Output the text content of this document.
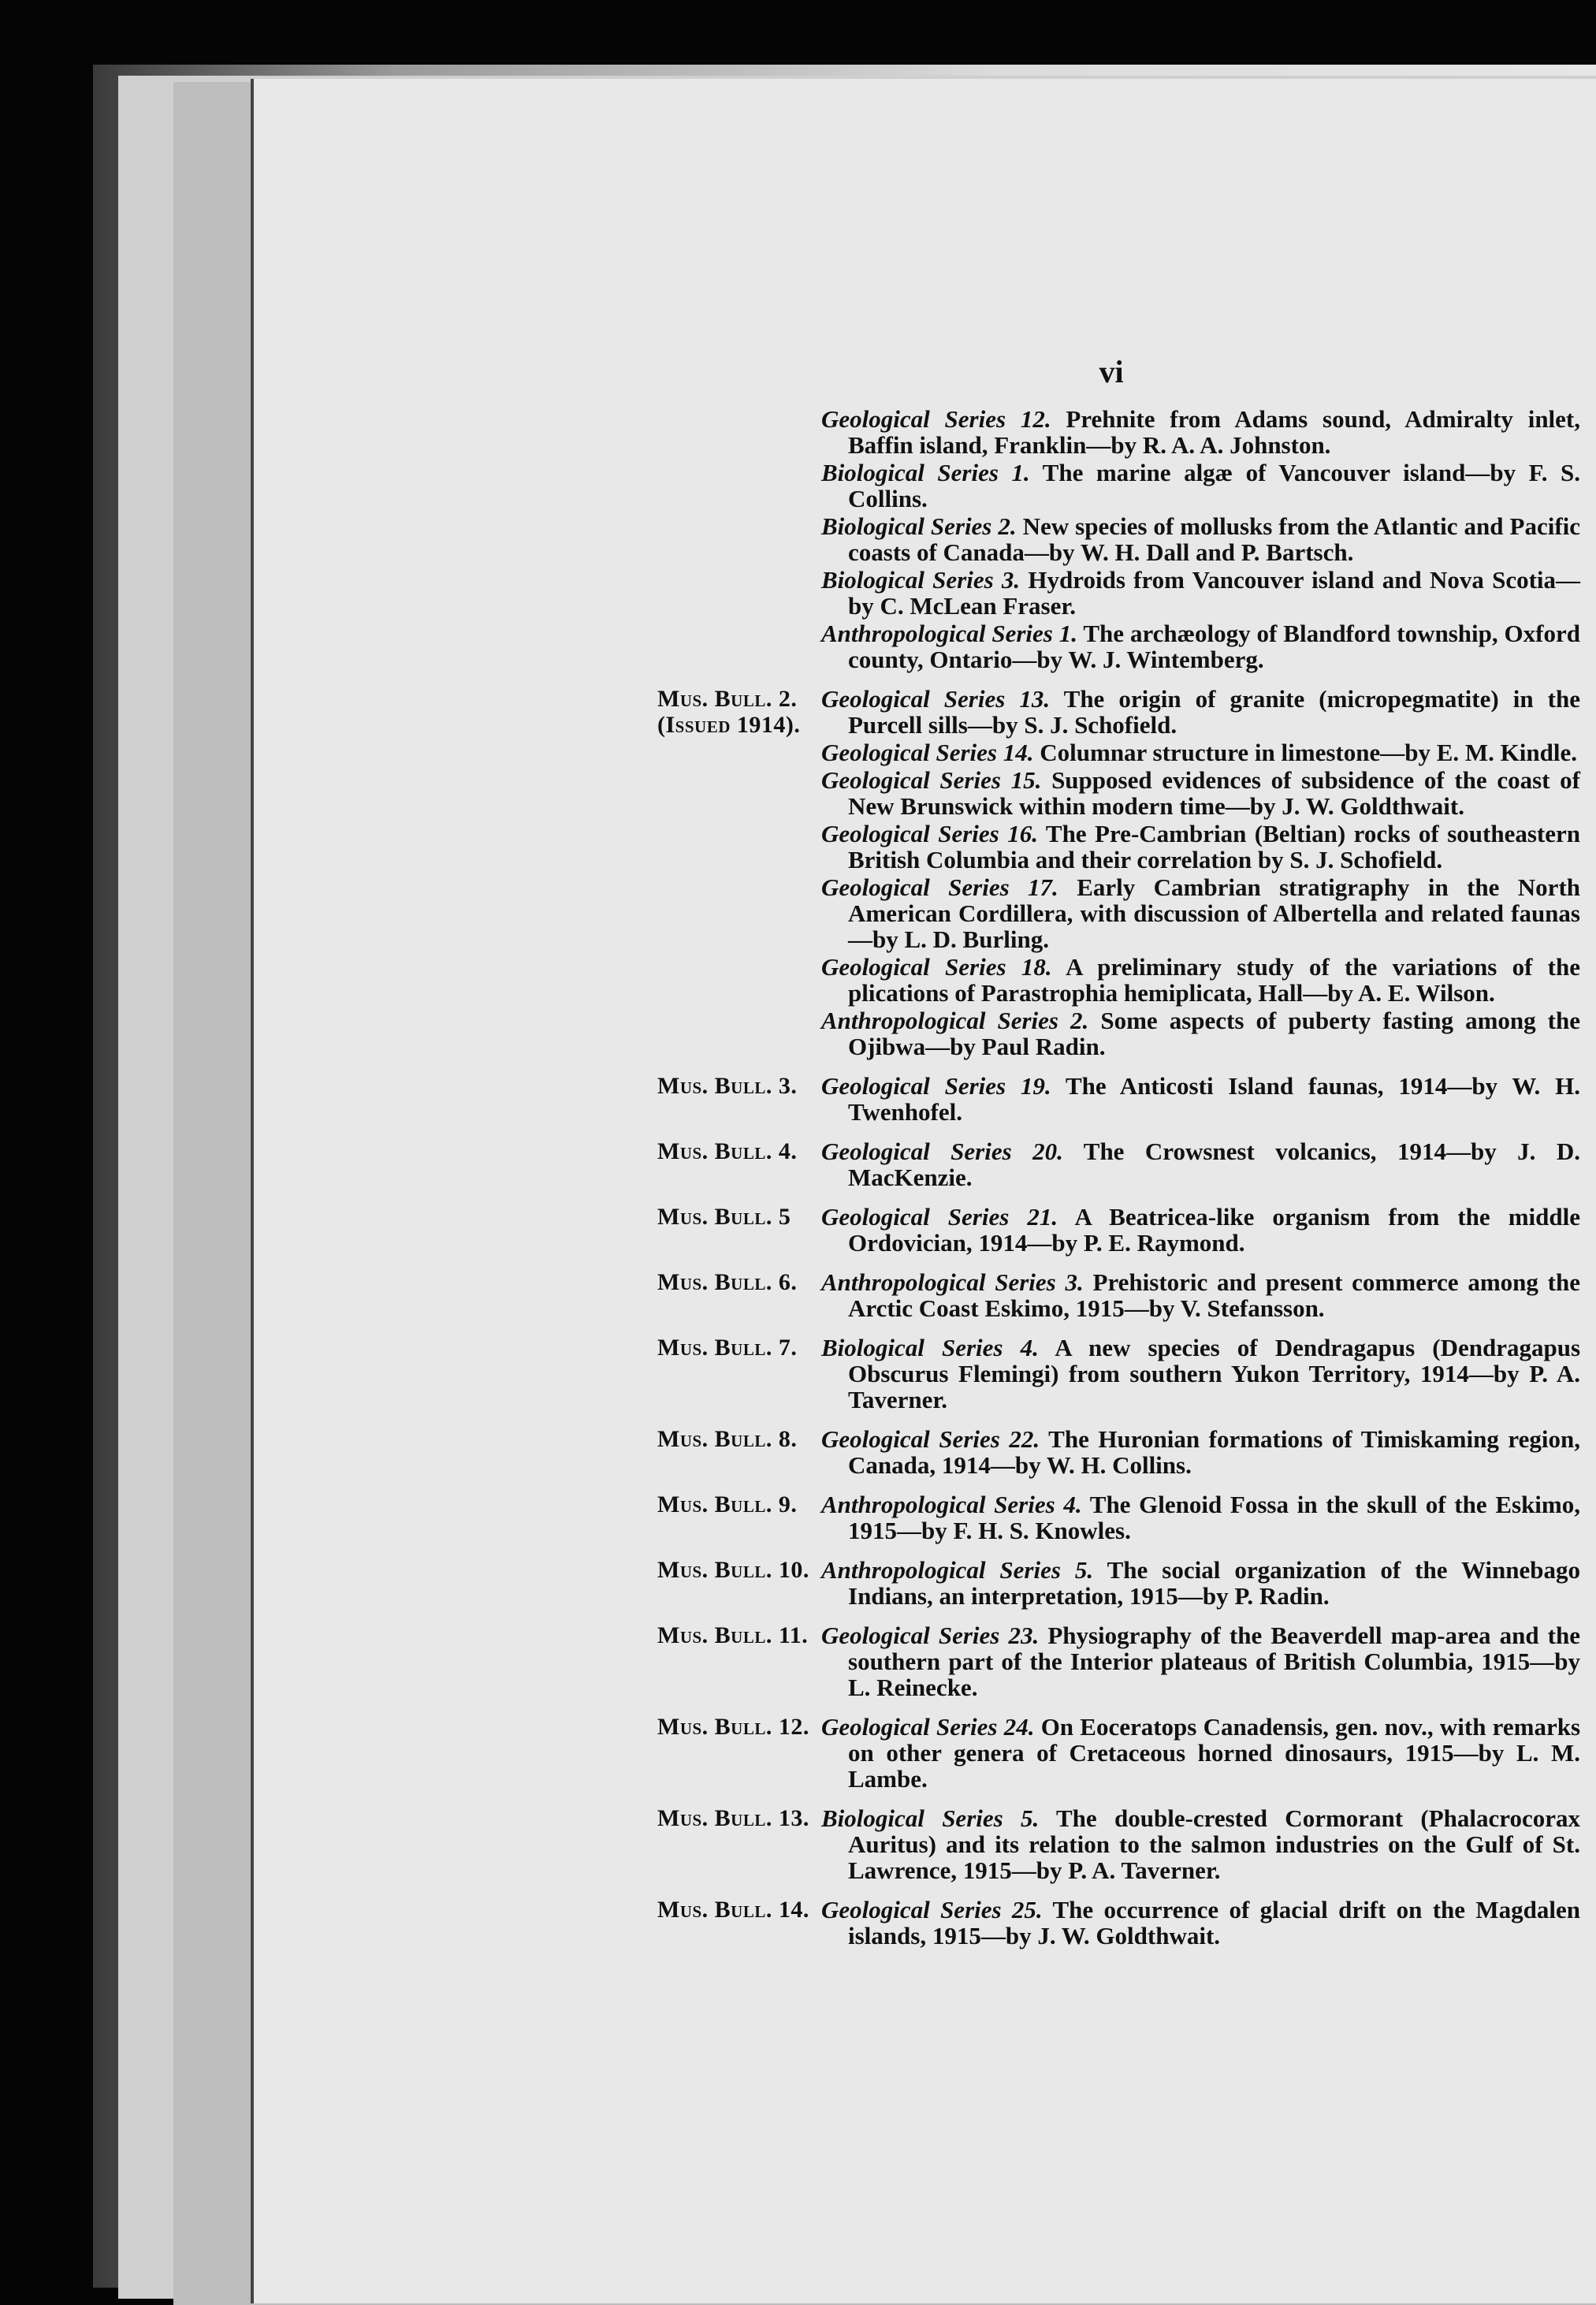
vi
Geological Series 12. Prehnite from Adams sound, Admiralty inlet, Baffin island, Franklin—by R. A. A. Johnston.
Biological Series 1. The marine algæ of Vancouver island—by F. S. Collins.
Biological Series 2. New species of mollusks from the Atlantic and Pacific coasts of Canada—by W. H. Dall and P. Bartsch.
Biological Series 3. Hydroids from Vancouver island and Nova Scotia—by C. McLean Fraser.
Anthropological Series 1. The archæology of Blandford township, Oxford county, Ontario—by W. J. Wintemberg.
Mus. Bull. 2.
(Issued 1914).
Geological Series 13. The origin of granite (micropegmatite) in the Purcell sills—by S. J. Schofield.
Geological Series 14. Columnar structure in limestone—by E. M. Kindle.
Geological Series 15. Supposed evidences of subsidence of the coast of New Brunswick within modern time—by J. W. Goldthwait.
Geological Series 16. The Pre-Cambrian (Beltian) rocks of southeastern British Columbia and their correlation by S. J. Schofield.
Geological Series 17. Early Cambrian stratigraphy in the North American Cordillera, with discussion of Albertella and related faunas—by L. D. Burling.
Geological Series 18. A preliminary study of the variations of the plications of Parastrophia hemiplicata, Hall—by A. E. Wilson.
Anthropological Series 2. Some aspects of puberty fasting among the Ojibwa—by Paul Radin.
Mus. Bull. 3. Geological Series 19. The Anticosti Island faunas, 1914—by W. H. Twenhofel.
Mus. Bull. 4. Geological Series 20. The Crowsnest volcanics, 1914—by J. D. MacKenzie.
Mus. Bull. 5	Geological Series 21. A Beatricea-like organism from the middle Ordovician, 1914—by P. E. Raymond.
Mus. Bull. 6. Anthropological Series 3. Prehistoric and present commerce among the Arctic Coast Eskimo, 1915—by V. Stefansson.
Mus. Bull. 7. Biological Series 4. A new species of Dendragapus (Dendragapus Obscurus Flemingi) from southern Yukon Territory, 1914—by P. A. Taverner.
Mus. Bull. 8. Geological Series 22. The Huronian formations of Timiskaming region, Canada, 1914—by W. H. Collins.
Mus. Bull. 9. Anthropological Series 4. The Glenoid Fossa in the skull of the Eskimo, 1915—by F. H. S. Knowles.
Mus. Bull. 10. Anthropological Series 5. The social organization of the Winnebago Indians, an interpretation, 1915—by P. Radin.
Mus. Bull. 11. Geological Series 23. Physiography of the Beaverdell map-area and the southern part of the Interior plateaus of British Columbia, 1915—by L. Reinecke.
Mus. Bull. 12. Geological Series 24. On Eoceratops Canadensis, gen. nov., with remarks on other genera of Cretaceous horned dinosaurs, 1915—by L. M. Lambe.
Mus. Bull. 13. Biological Series 5. The double-crested Cormorant (Phalacrocorax Auritus) and its relation to the salmon industries on the Gulf of St. Lawrence, 1915—by P. A. Taverner.
Mus. Bull. 14. Geological Series 25. The occurrence of glacial drift on the Magdalen islands, 1915—by J. W. Goldthwait.
